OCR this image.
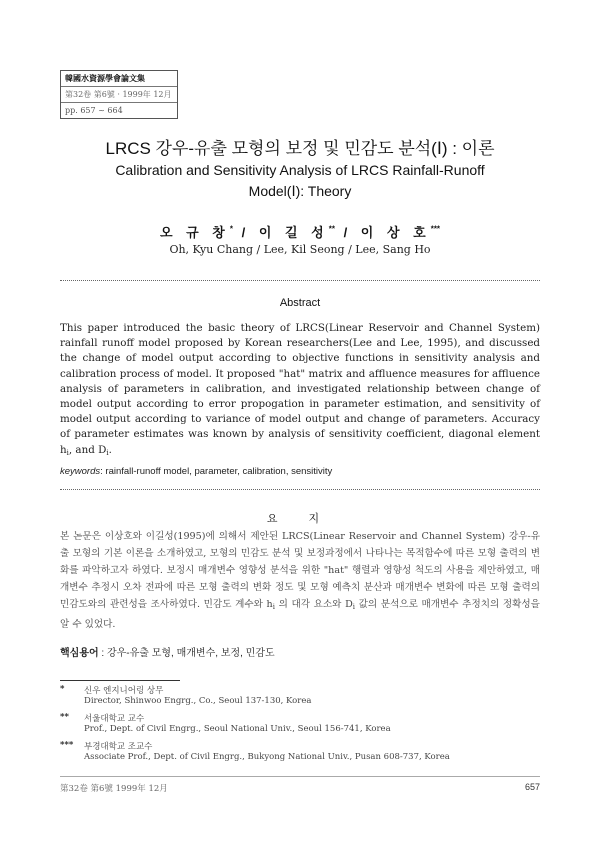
韓國水資源學會論文集
第32卷 第6號 · 1999年 12月
pp. 657 ~ 664
LRCS 강우-유출 모형의 보정 및 민감도 분석(Ⅰ) : 이론
Calibration and Sensitivity Analysis of LRCS Rainfall-Runoff
Model(Ⅰ): Theory
오 규 창* / 이 길 성** / 이 상 호***
Oh, Kyu Chang / Lee, Kil Seong / Lee, Sang Ho
Abstract
This paper introduced the basic theory of LRCS(Linear Reservoir and Channel System) rainfall runoff model proposed by Korean researchers(Lee and Lee, 1995), and discussed the change of model output according to objective functions in sensitivity analysis and calibration process of model. It proposed "hat" matrix and affluence measures for affluence analysis of parameters in calibration, and investigated relationship between change of model output according to error propogation in parameter estimation, and sensitivity of model output according to variance of model output and change of parameters. Accuracy of parameter estimates was known by analysis of sensitivity coefficient, diagonal element $h_i$, and $D_i$.
keywords: rainfall-runoff model, parameter, calibration, sensitivity
요 지
본 논문은 이상호와 이길성(1995)에 의해서 제안된 LRCS(Linear Reservoir and Channel System) 강우-유출 모형의 기본 이론을 소개하였고, 모형의 민감도 분석 및 보정과정에서 나타나는 목적함수에 따른 모형 출력의 변화를 파악하고자 하였다. 보정시 매개변수 영향성 분석을 위한 "hat" 행렬과 영향성 척도의 사용을 제안하였고, 매개변수 추정시 오차 전파에 따른 모형 출력의 변화 정도 및 모형 예측치 분산과 매개변수 변화에 따른 모형 출력의 민감도와의 관련성을 조사하였다. 민감도 계수와 $h_i$ 의 대각 요소와 $D_i$ 값의 분석으로 매개변수 추정치의 정확성을 알 수 있었다.
핵심용어 : 강우-유출 모형, 매개변수, 보정, 민감도
* 신우 엔지니어링 상무
Director, Shinwoo Engrg., Co., Seoul 137-130, Korea
** 서울대학교 교수
Prof., Dept. of Civil Engrg., Seoul National Univ., Seoul 156-741, Korea
*** 부경대학교 조교수
Associate Prof., Dept. of Civil Engrg., Bukyong National Univ., Pusan 608-737, Korea
第32卷 第6號 1999年 12月	657
